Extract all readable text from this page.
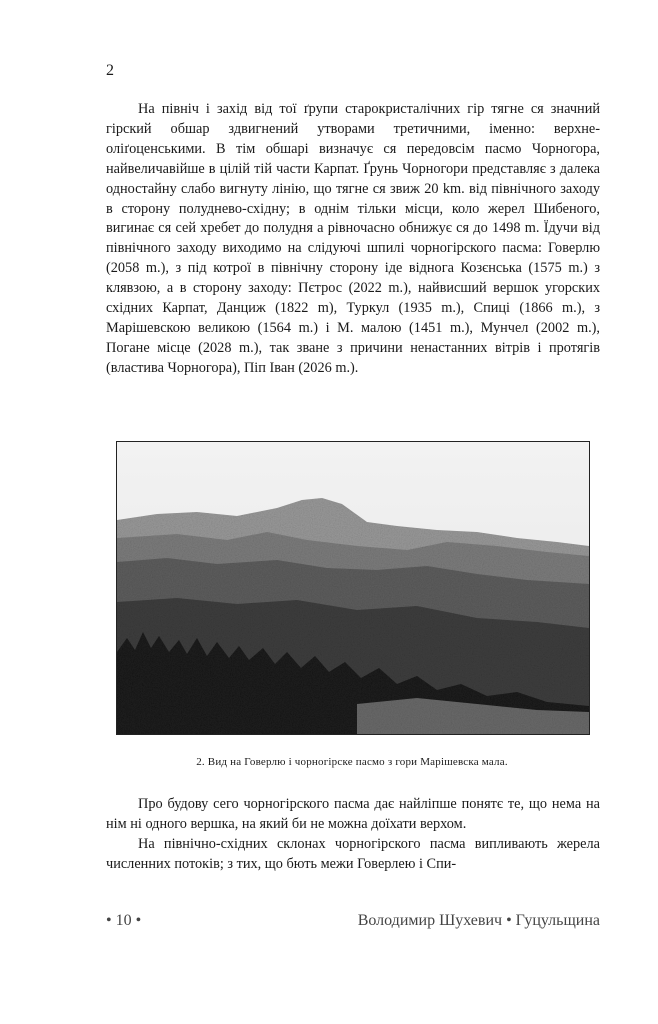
2

На північ і захід від тої ґрупи старокристалічних гір тягне ся значний гірский обшар здвигнений утворами третичними, іменно: верхне-оліґоценськими. В тім обшарі визначує ся передовсім пасмо Чорногора, найвеличавійше в цілій тій части Карпат. Ґрунь Чорногори представляє з далека одностайну слабо вигнуту лінію, що тягне ся звиж 20 km. від північного заходу в сторону полудневo-східну; в однім тільки місци, коло жерел Шибеного, вигинає ся сей хребет до полудня а рівночасно обнижує ся до 1498 m. Їдучи від північного заходу виходимо на слідуючі шпилі чорногірского пасма: Говерлю (2058 m.), з під котрої в північну сторону іде віднога Козєнська (1575 m.) з клявзою, а в сторону заходу: Пєтрос (2022 m.), найвисший вершок угорских східних Карпат, Данциж (1822 m), Туркул (1935 m.), Спиці (1866 m.), з Марішевскою великою (1564 m.) і М. малою (1451 m.), Мунчел (2002 m.), Погане місце (2028 m.), так зване з причини ненастанних вітрів і протягів (властива Чорногора), Піп Іван (2026 m.).

2. Вид на Говерлю і чорногірске пасмо з гори Марішевска мала.

Про будову сего чорногірского пасма дає найліпше понятє те, що нема на нім ні одного вершка, на який би не можна доїхати верхом.

На північно-східних склонах чорногірского пасма випливають жерела численних потоків; з тих, що бють межи Говерлею і Спи-

• 10 •	Володимир Шухевич • Гуцульщина
